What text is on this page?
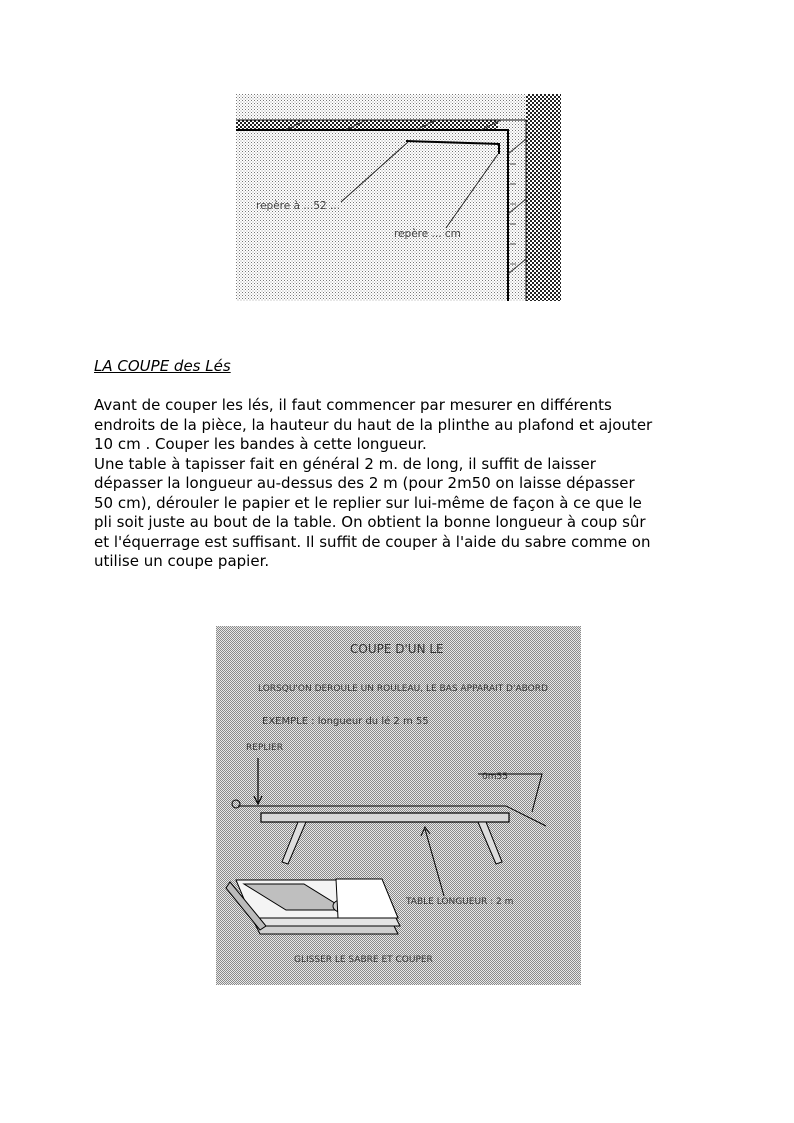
repère à ...52 ...
repère ... cm
LA COUPE des Lés
Avant de couper les lés, il faut commencer par mesurer en différents
endroits de la pièce, la hauteur du haut de la plinthe au plafond et ajouter
10 cm . Couper les bandes à cette longueur.
Une table à tapisser fait en général 2 m. de long, il suffit de laisser
dépasser la longueur au-dessus des 2 m (pour 2m50 on laisse dépasser
50 cm), dérouler le papier et le replier sur lui-même de façon à ce que le
pli soit juste au bout de la table. On obtient la bonne longueur à coup sûr
et l'équerrage est suffisant. Il suffit de couper à l'aide du sabre comme on
utilise un coupe papier.
COUPE D'UN LE
LORSQU'ON DEROULE UN ROULEAU, LE BAS APPARAIT D'ABORD
EXEMPLE : longueur du lé 2 m 55
REPLIER
0m55
TABLE LONGUEUR : 2 m
GLISSER LE SABRE ET COUPER
